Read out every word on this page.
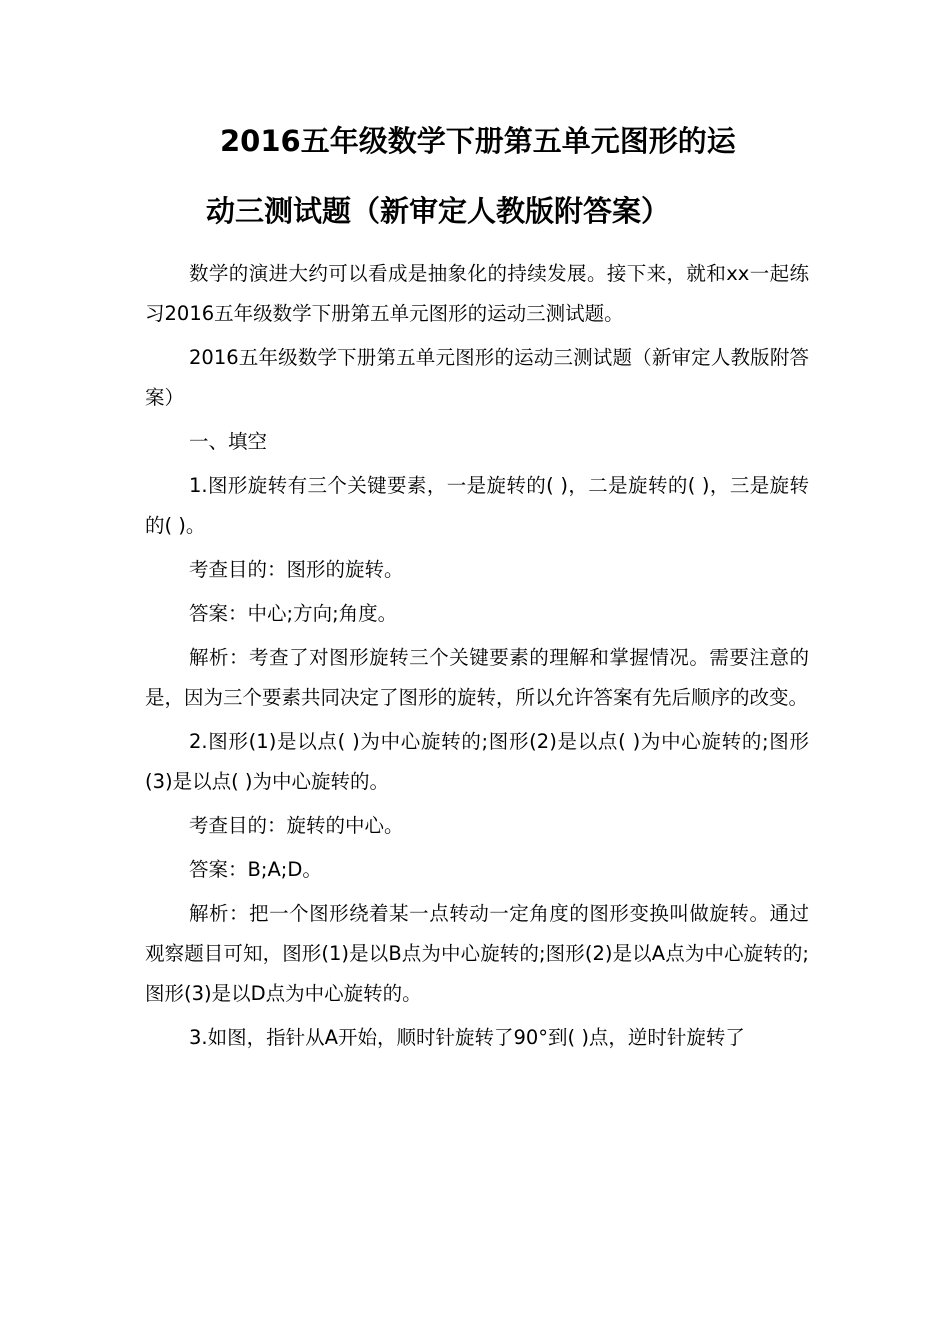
2016五年级数学下册第五单元图形的运
动三测试题（新审定人教版附答案）

数学的演进大约可以看成是抽象化的持续发展。接下来，就和xx一起练习2016五年级数学下册第五单元图形的运动三测试题。

2016五年级数学下册第五单元图形的运动三测试题（新审定人教版附答案）

一、填空

1.图形旋转有三个关键要素，一是旋转的( )，二是旋转的( )，三是旋转的( )。

考查目的：图形的旋转。

答案：中心;方向;角度。

解析：考查了对图形旋转三个关键要素的理解和掌握情况。需要注意的是，因为三个要素共同决定了图形的旋转，所以允许答案有先后顺序的改变。

2.图形(1)是以点( )为中心旋转的;图形(2)是以点( )为中心旋转的;图形(3)是以点( )为中心旋转的。

考查目的：旋转的中心。

答案：B;A;D。

解析：把一个图形绕着某一点转动一定角度的图形变换叫做旋转。通过观察题目可知，图形(1)是以B点为中心旋转的;图形(2)是以A点为中心旋转的;图形(3)是以D点为中心旋转的。

3.如图，指针从A开始，顺时针旋转了90°到( )点，逆时针旋转了
